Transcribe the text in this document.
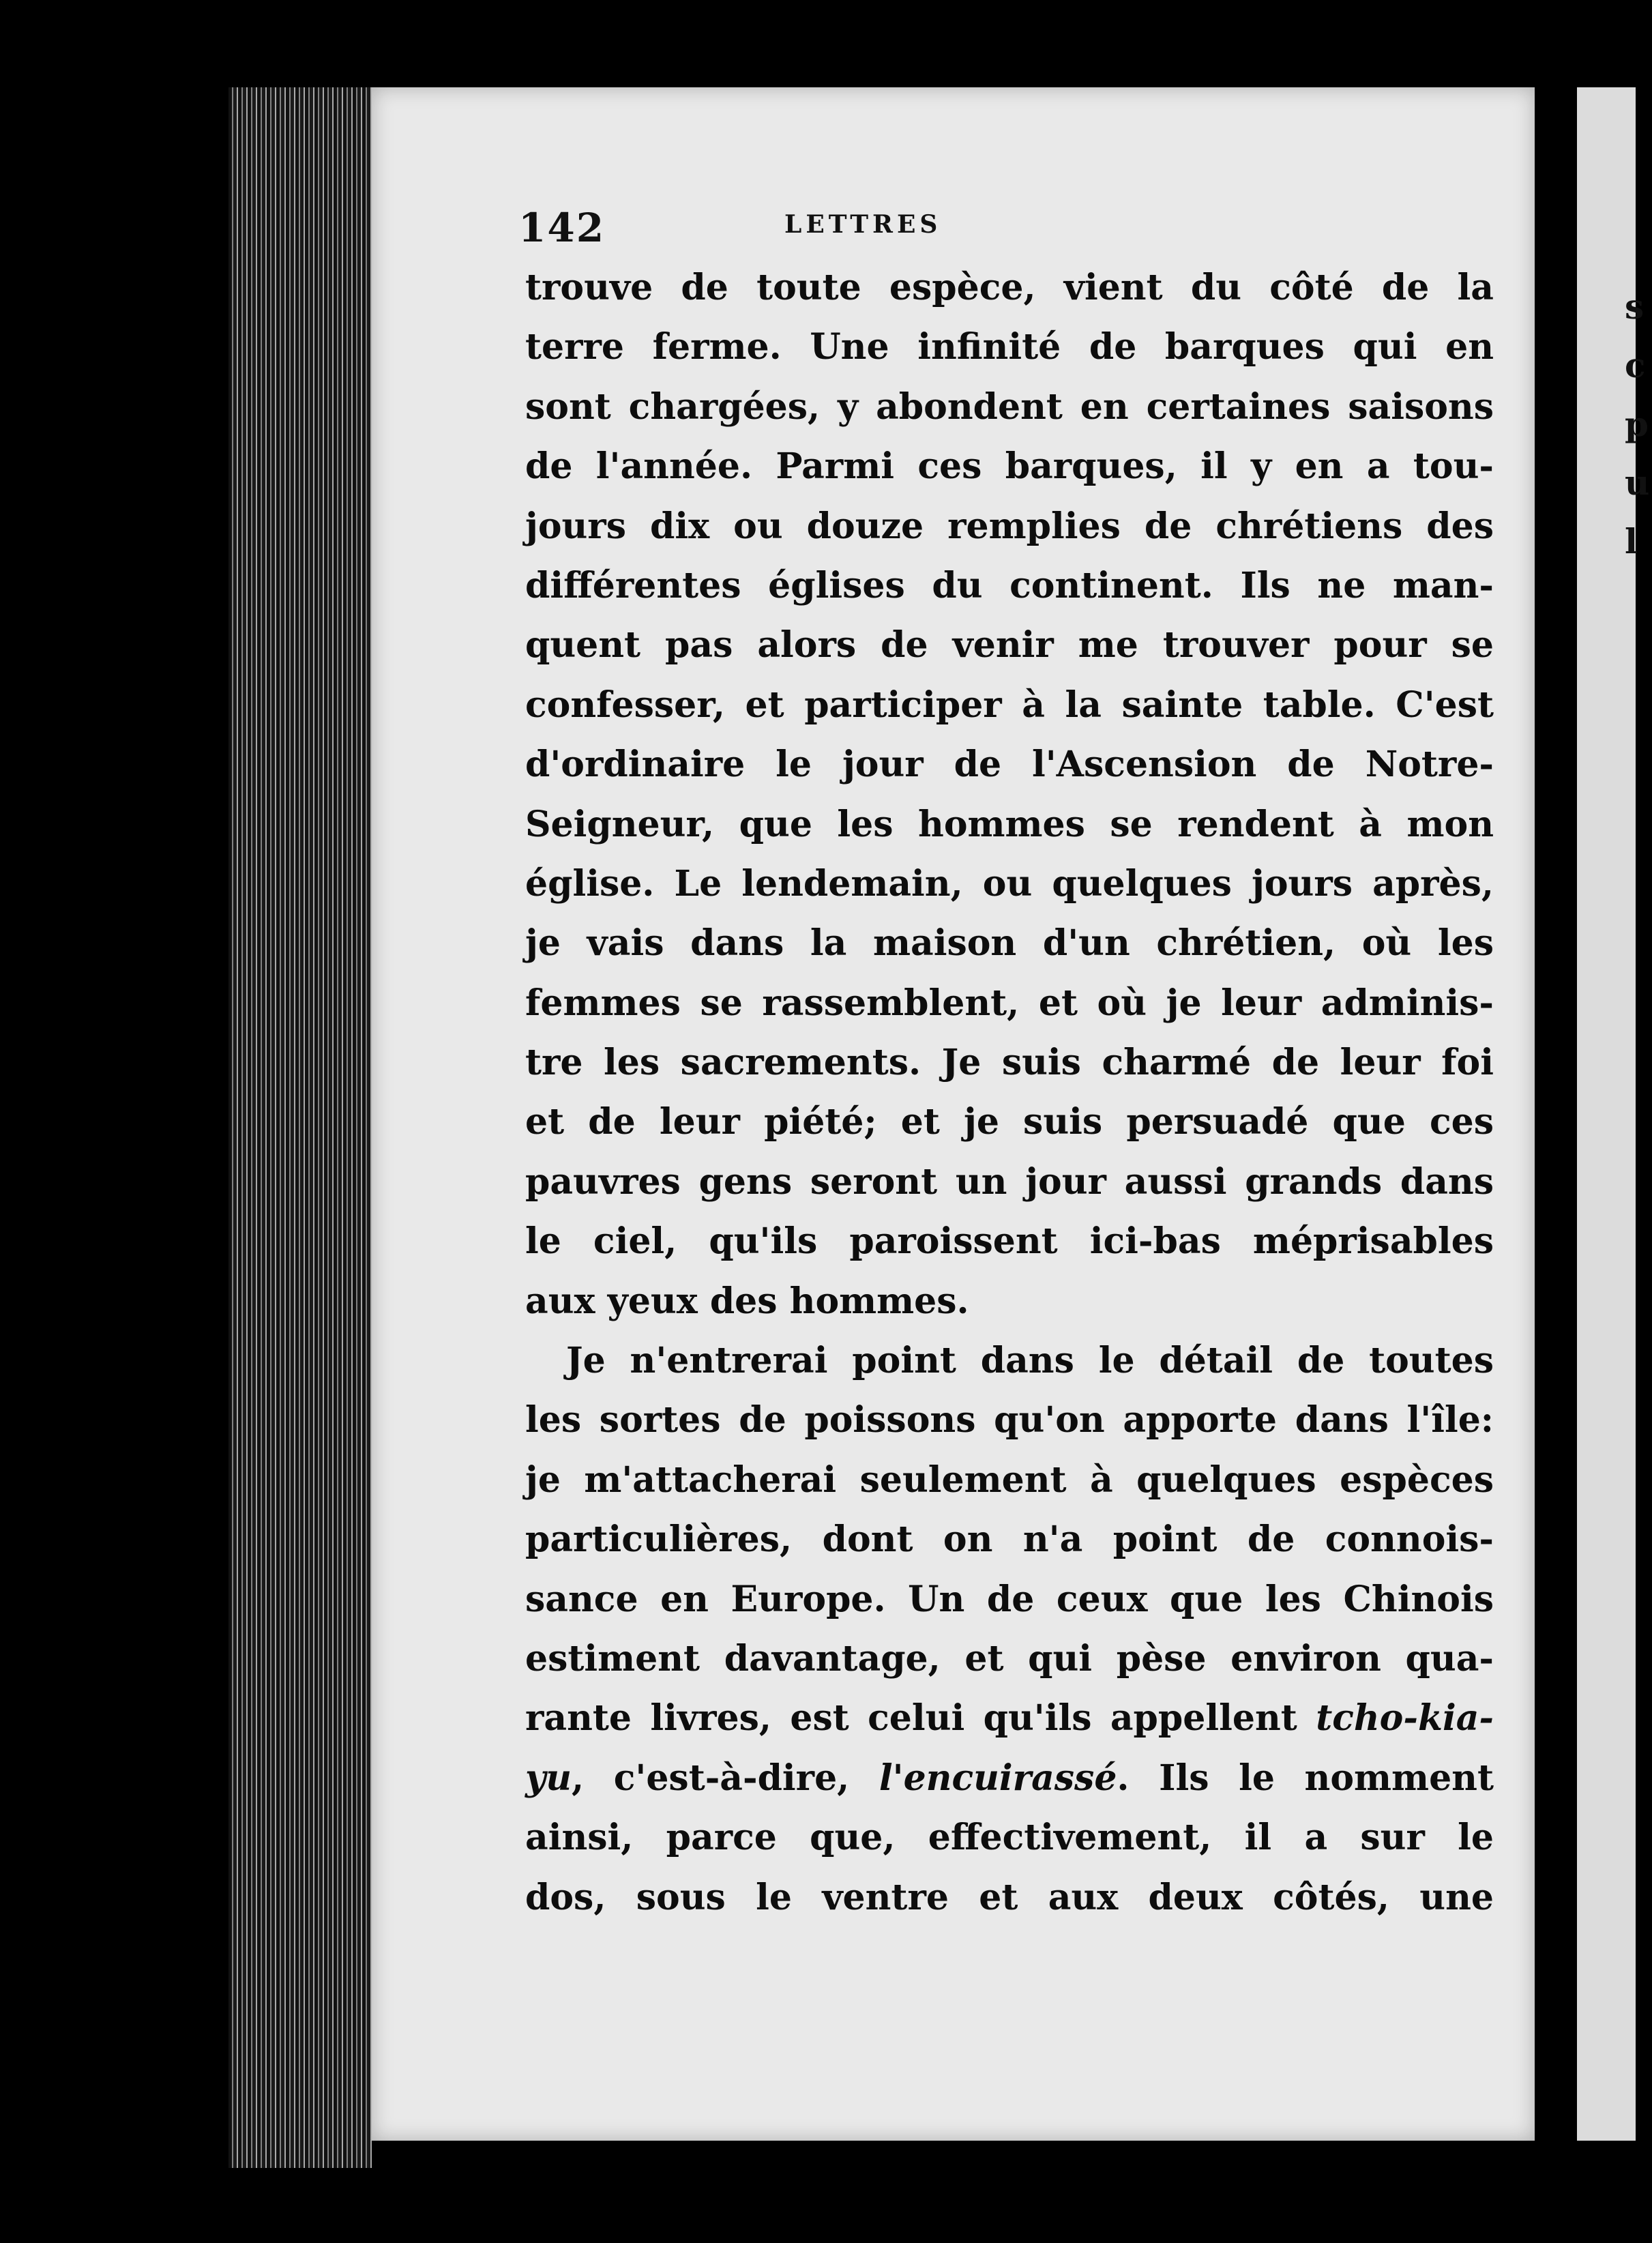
s
c
p
u
l
142	LETTRES
trouve de toute espèce, vient du côté de la
terre ferme. Une infinité de barques qui en
sont chargées, y abondent en certaines saisons
de l'année. Parmi ces barques, il y en a tou-
jours dix ou douze remplies de chrétiens des
différentes églises du continent. Ils ne man-
quent pas alors de venir me trouver pour se
confesser, et participer à la sainte table. C'est
d'ordinaire le jour de l'Ascension de Notre-
Seigneur, que les hommes se rendent à mon
église. Le lendemain, ou quelques jours après,
je vais dans la maison d'un chrétien, où les
femmes se rassemblent, et où je leur adminis-
tre les sacrements. Je suis charmé de leur foi
et de leur piété; et je suis persuadé que ces
pauvres gens seront un jour aussi grands dans
le ciel, qu'ils paroissent ici-bas méprisables
aux yeux des hommes.
Je n'entrerai point dans le détail de toutes
les sortes de poissons qu'on apporte dans l'île:
je m'attacherai seulement à quelques espèces
particulières, dont on n'a point de connois-
sance en Europe. Un de ceux que les Chinois
estiment davantage, et qui pèse environ qua-
rante livres, est celui qu'ils appellent tcho-kia-
yu, c'est-à-dire, l'encuirassé. Ils le nomment
ainsi, parce que, effectivement, il a sur le
dos, sous le ventre et aux deux côtés, une
